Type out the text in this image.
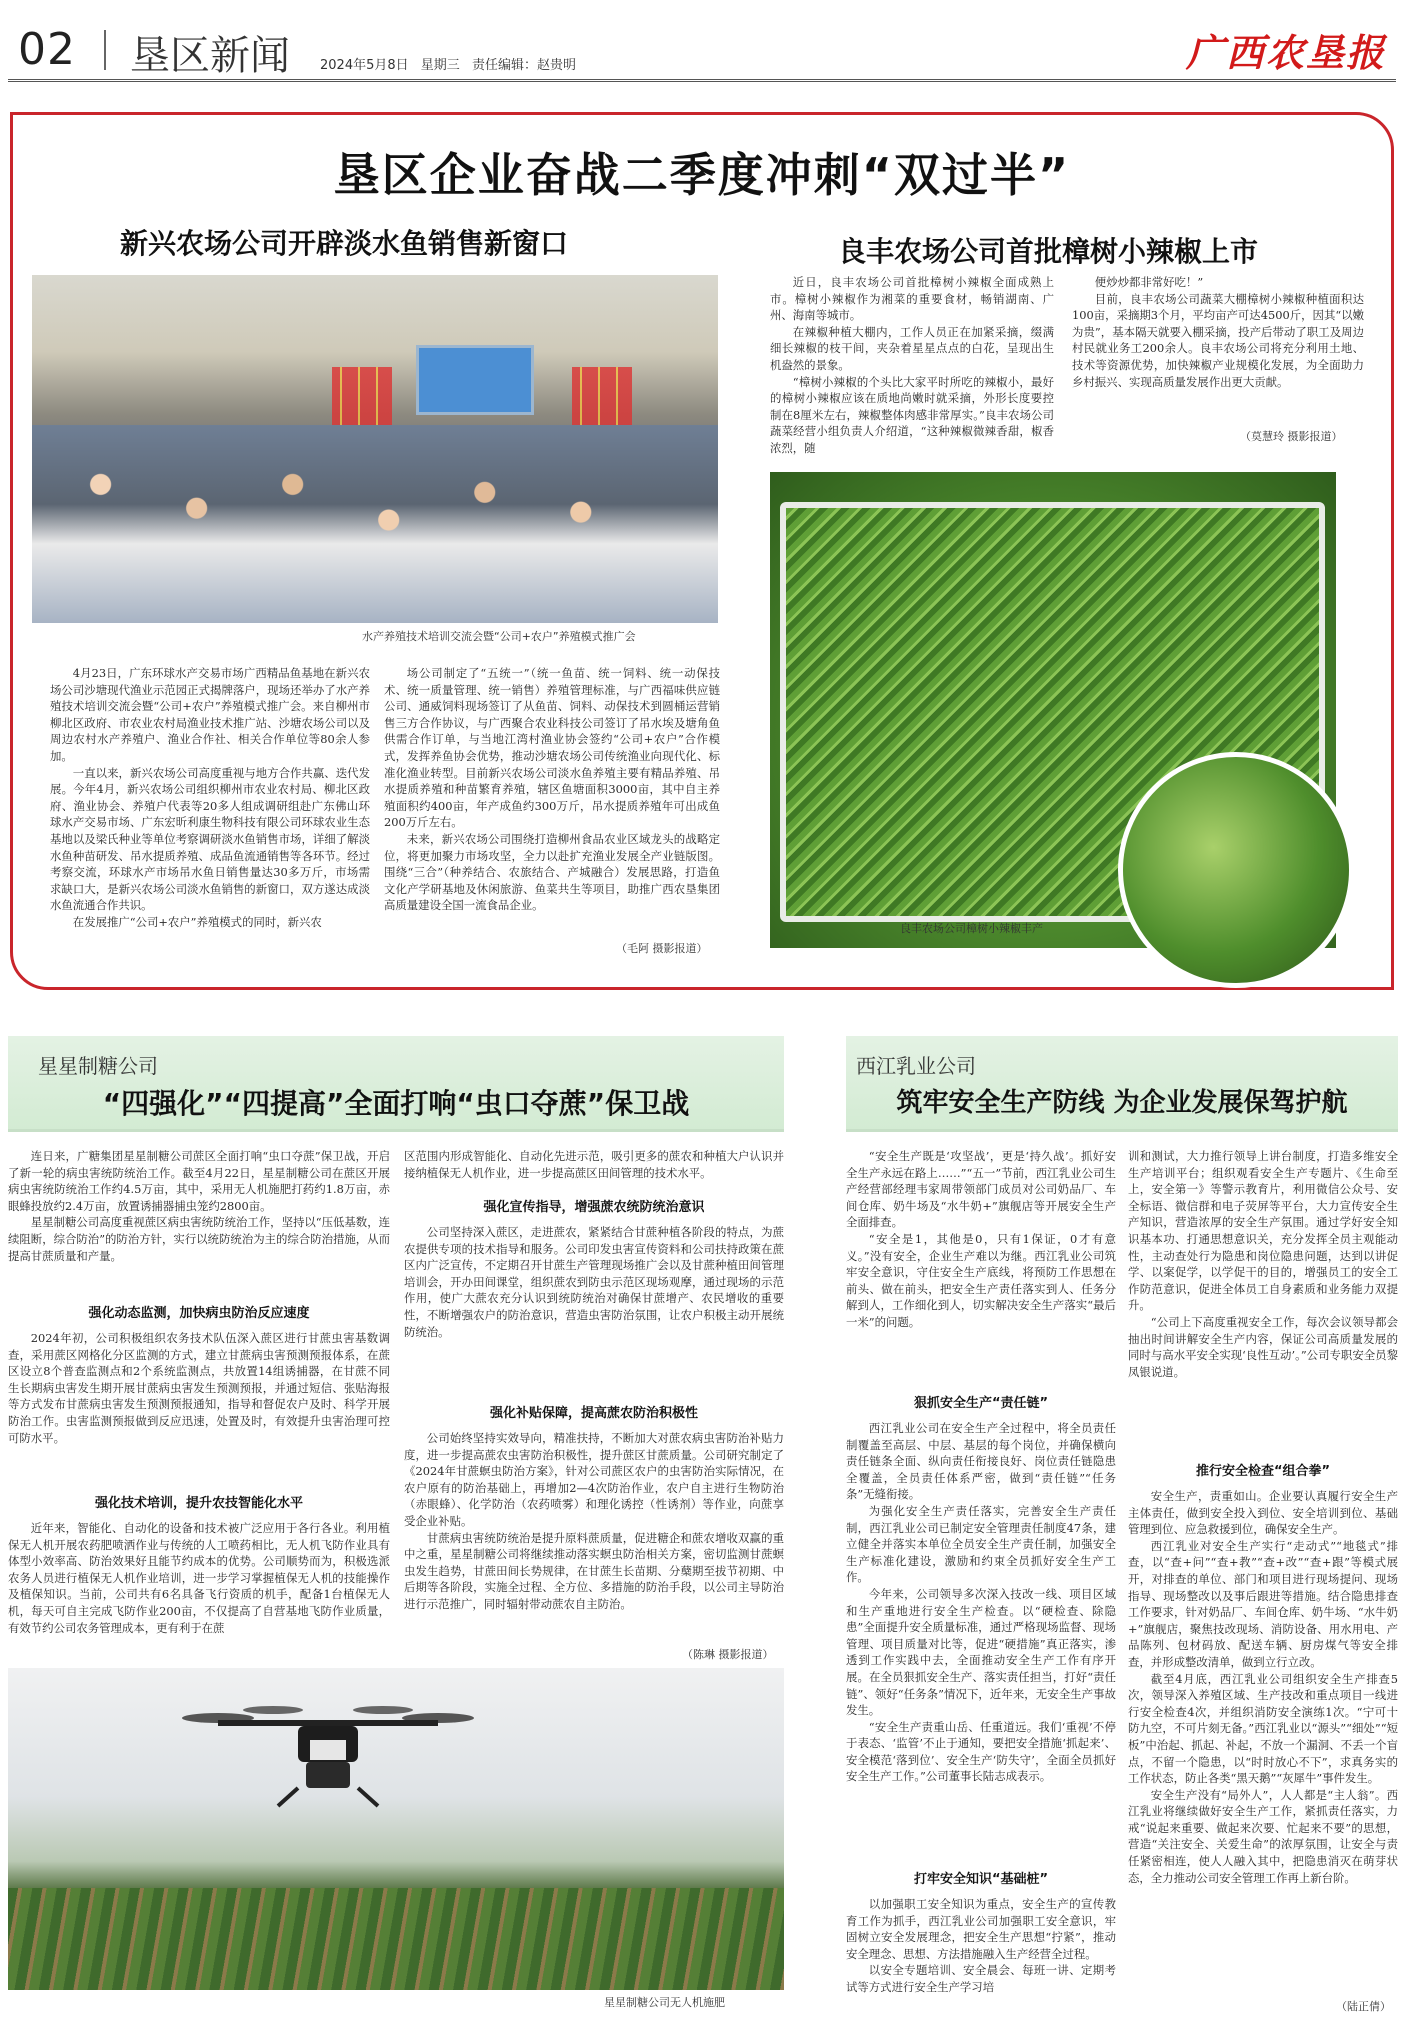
02 垦区新闻 2024年5月8日 星期三 责任编辑：赵贵明	广西农垦报
垦区企业奋战二季度冲刺“双过半”
新兴农场公司开辟淡水鱼销售新窗口	良丰农场公司首批樟树小辣椒上市
水产养殖技术培训交流会暨“公司+农户”养殖模式推广会

4月23日，广东环球水产交易市场广西精品鱼基地在新兴农场公司沙塘现代渔业示范园正式揭牌落户，现场还举办了水产养殖技术培训交流会暨“公司+农户”养殖模式推广会。来自柳州市柳北区政府、市农业农村局渔业技术推广站、沙塘农场公司以及周边农村水产养殖户、渔业合作社、相关合作单位等80余人参加。

一直以来，新兴农场公司高度重视与地方合作共赢、迭代发展。今年4月，新兴农场公司组织柳州市农业农村局、柳北区政府、渔业协会、养殖户代表等20多人组成调研组赴广东佛山环球水产交易市场、广东宏昕利康生物科技有限公司环球农业生态基地以及梁氏种业等单位考察调研淡水鱼销售市场，详细了解淡水鱼种苗研发、吊水提质养殖、成品鱼流通销售等各环节。经过考察交流，环球水产市场吊水鱼日销售量达30多万斤，市场需求缺口大，是新兴农场公司淡水鱼销售的新窗口，双方遂达成淡水鱼流通合作共识。

在发展推广“公司+农户”养殖模式的同时，新兴农

场公司制定了“五统一”（统一鱼苗、统一饲料、统一动保技术、统一质量管理、统一销售）养殖管理标准，与广西福味供应链公司、通威饲料现场签订了从鱼苗、饲料、动保技术到圆桶运营销售三方合作协议，与广西聚合农业科技公司签订了吊水埃及塘角鱼供需合作订单，与当地江湾村渔业协会签约“公司+农户”合作模式，发挥养鱼协会优势，推动沙塘农场公司传统渔业向现代化、标准化渔业转型。目前新兴农场公司淡水鱼养殖主要有精品养殖、吊水提质养殖和种苗繁育养殖，辖区鱼塘面积3000亩，其中自主养殖面积约400亩，年产成鱼约300万斤，吊水提质养殖年可出成鱼200万斤左右。

未来，新兴农场公司围绕打造柳州食品农业区域龙头的战略定位，将更加聚力市场攻坚，全力以赴扩充渔业发展全产业链版图。围绕“三合”（种养结合、农旅结合、产城融合）发展思路，打造鱼文化产学研基地及休闲旅游、鱼菜共生等项目，助推广西农垦集团高质量建设全国一流食品企业。

（毛阿 摄影报道）

近日，良丰农场公司首批樟树小辣椒全面成熟上市。樟树小辣椒作为湘菜的重要食材，畅销湖南、广州、海南等城市。

在辣椒种植大棚内，工作人员正在加紧采摘，缀满细长辣椒的枝干间，夹杂着星星点点的白花，呈现出生机盎然的景象。

“樟树小辣椒的个头比大家平时所吃的辣椒小，最好的樟树小辣椒应该在质地尚嫩时就采摘，外形长度要控制在8厘米左右，辣椒整体肉感非常厚实。”良丰农场公司蔬菜经营小组负责人介绍道，“这种辣椒微辣香甜，椒香浓烈，随

便炒炒都非常好吃！”

目前，良丰农场公司蔬菜大棚樟树小辣椒种植面积达100亩，采摘期3个月，平均亩产可达4500斤，因其“以嫩为贵”，基本隔天就要入棚采摘，投产后带动了职工及周边村民就业务工200余人。良丰农场公司将充分利用土地、技术等资源优势，加快辣椒产业规模化发展，为全面助力乡村振兴、实现高质量发展作出更大贡献。

（莫慧玲 摄影报道）
良丰农场公司樟树小辣椒丰产
星星制糖公司
“四强化”“四提高”全面打响“虫口夺蔗”保卫战

连日来，广糖集团星星制糖公司蔗区全面打响“虫口夺蔗”保卫战，开启了新一轮的病虫害统防统治工作。截至4月22日，星星制糖公司在蔗区开展病虫害统防统治工作约4.5万亩，其中，采用无人机施肥打药约1.8万亩，赤眼蜂投放约2.4万亩，放置诱捕器捕虫笼约2800亩。

星星制糖公司高度重视蔗区病虫害统防统治工作，坚持以“压低基数，连续阻断，综合防治”的防治方针，实行以统防统治为主的综合防治措施，从而提高甘蔗质量和产量。

强化动态监测，加快病虫防治反应速度

2024年初，公司积极组织农务技术队伍深入蔗区进行甘蔗虫害基数调查，采用蔗区网格化分区监测的方式，建立甘蔗病虫害预测预报体系，在蔗区设立8个普查监测点和2个系统监测点，共放置14组诱捕器，在甘蔗不同生长期病虫害发生期开展甘蔗病虫害发生预测预报，并通过短信、张贴海报等方式发布甘蔗病虫害发生预测预报通知，指导和督促农户及时、科学开展防治工作。虫害监测预报做到反应迅速，处置及时，有效提升虫害治理可控可防水平。

强化技术培训，提升农技智能化水平

近年来，智能化、自动化的设备和技术被广泛应用于各行各业。利用植保无人机开展农药肥喷洒作业与传统的人工喷药相比，无人机飞防作业具有体型小效率高、防治效果好且能节约成本的优势。公司顺势而为，积极选派农务人员进行植保无人机作业培训，进一步学习掌握植保无人机的技能操作及植保知识。当前，公司共有6名具备飞行资质的机手，配备1台植保无人机，每天可自主完成飞防作业200亩，不仅提高了自营基地飞防作业质量，有效节约公司农务管理成本，更有利于在蔗

区范围内形成智能化、自动化先进示范，吸引更多的蔗农和种植大户认识并接纳植保无人机作业，进一步提高蔗区田间管理的技术水平。

强化宣传指导，增强蔗农统防统治意识

公司坚持深入蔗区，走进蔗农，紧紧结合甘蔗种植各阶段的特点，为蔗农提供专项的技术指导和服务。公司印发虫害宣传资料和公司扶持政策在蔗区内广泛宣传，不定期召开甘蔗生产管理现场推广会以及甘蔗种植田间管理培训会，开办田间课堂，组织蔗农到防虫示范区现场观摩，通过现场的示范作用，使广大蔗农充分认识到统防统治对确保甘蔗增产、农民增收的重要性，不断增强农户的防治意识，营造虫害防治氛围，让农户积极主动开展统防统治。

强化补贴保障，提高蔗农防治积极性

公司始终坚持实效导向，精准扶持，不断加大对蔗农病虫害防治补贴力度，进一步提高蔗农虫害防治积极性，提升蔗区甘蔗质量。公司研究制定了《2024年甘蔗螟虫防治方案》，针对公司蔗区农户的虫害防治实际情况，在农户原有的防治基础上，再增加2—4次防治作业，农户自主进行生物防治（赤眼蜂）、化学防治（农药喷雾）和理化诱控（性诱剂）等作业，向蔗享受企业补贴。

甘蔗病虫害统防统治是提升原料蔗质量，促进糖企和蔗农增收双赢的重中之重，星星制糖公司将继续推动落实螟虫防治相关方案，密切监测甘蔗螟虫发生趋势，甘蔗田间长势规律，在甘蔗生长苗期、分蘖期至拔节初期、中后期等各阶段，实施全过程、全方位、多措施的防治手段，以公司主导防治进行示范推广，同时辐射带动蔗农自主防治。

（陈琳 摄影报道）
星星制糖公司无人机施肥
西江乳业公司
筑牢安全生产防线 为企业发展保驾护航

“安全生产既是‘攻坚战’，更是‘持久战’。抓好安全生产永远在路上……”“五一”节前，西江乳业公司生产经营部经理韦家周带领部门成员对公司奶品厂、车间仓库、奶牛场及“水牛奶+”旗舰店等开展安全生产全面排查。

“安全是1，其他是0，只有1保证，0才有意义。”没有安全，企业生产难以为继。西江乳业公司筑牢安全意识，守住安全生产底线，将预防工作思想在前头、做在前头，把安全生产责任落实到人、任务分解到人，工作细化到人，切实解决安全生产落实“最后一米”的问题。

狠抓安全生产“责任链”

西江乳业公司在安全生产全过程中，将全员责任制覆盖至高层、中层、基层的每个岗位，并确保横向责任链条全面、纵向责任衔接良好、岗位责任链隐患全覆盖，全员责任体系严密，做到“责任链”“任务条”无缝衔接。

为强化安全生产责任落实，完善安全生产责任制，西江乳业公司已制定安全管理责任制度47条，建立健全并落实本单位全员安全生产责任制，加强安全生产标准化建设，激励和约束全员抓好安全生产工作。

今年来，公司领导多次深入技改一线、项目区域和生产重地进行安全生产检查。以“硬检查、除隐患”全面提升安全质量标准，通过严格现场监督、现场管理、项目质量对比等，促进“硬措施”真正落实，渗透到工作实践中去，全面推动安全生产工作有序开展。在全员狠抓安全生产、落实责任担当，打好“责任链”、领好“任务条”情况下，近年来，无安全生产事故发生。

“安全生产责重山岳、任重道远。我们‘重视’不停于表态、‘监管’不止于通知，要把安全措施‘抓起来’、安全模范‘落到位’、安全生产‘防失守’，全面全员抓好安全生产工作。”公司董事长陆志成表示。

打牢安全知识“基础桩”

以加强职工安全知识为重点，安全生产的宣传教育工作为抓手，西江乳业公司加强职工安全意识，牢固树立安全发展理念，把安全生产思想“拧紧”，推动安全理念、思想、方法措施融入生产经营全过程。

以安全专题培训、安全晨会、每班一讲、定期考试等方式进行安全生产学习培

训和测试，大力推行领导上讲台制度，打造多维安全生产培训平台；组织观看安全生产专题片、《生命至上，安全第一》等警示教育片，利用微信公众号、安全标语、微信群和电子荧屏等平台，大力宣传安全生产知识，营造浓厚的安全生产氛围。通过学好安全知识基本功、打通思想意识关，充分发挥全员主观能动性，主动查处行为隐患和岗位隐患问题，达到以讲促学、以案促学，以学促干的目的，增强员工的安全工作防范意识，促进全体员工自身素质和业务能力双提升。

“公司上下高度重视安全工作，每次会议领导都会抽出时间讲解安全生产内容，保证公司高质量发展的同时与高水平安全实现‘良性互动’。”公司专职安全员黎凤银说道。

推行安全检查“组合拳”

安全生产，责重如山。企业要认真履行安全生产主体责任，做到安全投入到位、安全培训到位、基础管理到位、应急救援到位，确保安全生产。

西江乳业对安全生产实行“走动式”“地毯式”排查，以“查+问”“查+教”“查+改”“查+跟”等模式展开，对排查的单位、部门和项目进行现场提问、现场指导、现场整改以及事后跟进等措施。结合隐患排查工作要求，针对奶品厂、车间仓库、奶牛场、“水牛奶+”旗舰店，聚焦技改现场、消防设备、用水用电、产品陈列、包材码放、配送车辆、厨房煤气等安全排查，并形成整改清单，做到立行立改。

截至4月底，西江乳业公司组织安全生产排查5次，领导深入养殖区域、生产技改和重点项目一线进行安全检查4次，并组织消防安全演练1次。“宁可十防九空，不可片刻无备。”西江乳业以“源头”“细处”“短板”中治起、抓起、补起，不放一个漏洞、不丢一个盲点，不留一个隐患，以“时时放心不下”，求真务实的工作状态，防止各类“黑天鹅”“灰犀牛”事件发生。

安全生产没有“局外人”，人人都是“主人翁”。西江乳业将继续做好安全生产工作，紧抓责任落实，力戒“说起来重要、做起来次要、忙起来不要”的思想，营造“关注安全、关爱生命”的浓厚氛围，让安全与责任紧密相连，使人人融入其中，把隐患消灭在萌芽状态，全力推动公司安全管理工作再上新台阶。

（陆正倩）
